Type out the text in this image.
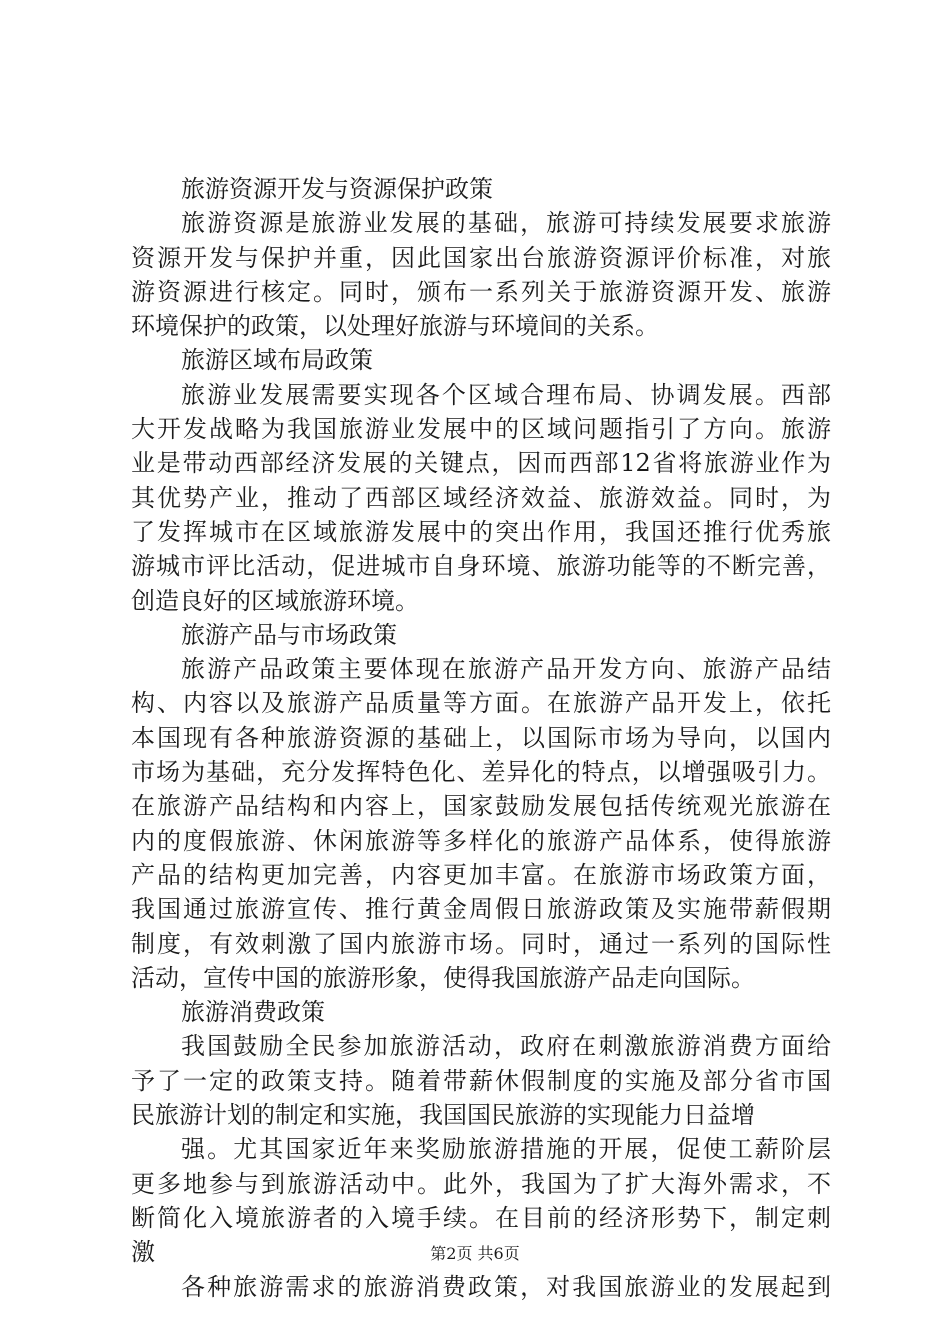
旅游资源开发与资源保护政策
旅游资源是旅游业发展的基础，旅游可持续发展要求旅游
资源开发与保护并重，因此国家出台旅游资源评价标准，对旅
游资源进行核定。同时，颁布一系列关于旅游资源开发、旅游
环境保护的政策，以处理好旅游与环境间的关系。
旅游区域布局政策
旅游业发展需要实现各个区域合理布局、协调发展。西部
大开发战略为我国旅游业发展中的区域问题指引了方向。旅游
业是带动西部经济发展的关键点，因而西部12省将旅游业作为
其优势产业，推动了西部区域经济效益、旅游效益。同时，为
了发挥城市在区域旅游发展中的突出作用，我国还推行优秀旅
游城市评比活动，促进城市自身环境、旅游功能等的不断完善，
创造良好的区域旅游环境。
旅游产品与市场政策
旅游产品政策主要体现在旅游产品开发方向、旅游产品结
构、内容以及旅游产品质量等方面。在旅游产品开发上，依托
本国现有各种旅游资源的基础上，以国际市场为导向，以国内
市场为基础，充分发挥特色化、差异化的特点，以增强吸引力。
在旅游产品结构和内容上，国家鼓励发展包括传统观光旅游在
内的度假旅游、休闲旅游等多样化的旅游产品体系，使得旅游
产品的结构更加完善，内容更加丰富。在旅游市场政策方面，
我国通过旅游宣传、推行黄金周假日旅游政策及实施带薪假期
制度，有效刺激了国内旅游市场。同时，通过一系列的国际性
活动，宣传中国的旅游形象，使得我国旅游产品走向国际。
旅游消费政策
我国鼓励全民参加旅游活动，政府在刺激旅游消费方面给
予了一定的政策支持。随着带薪休假制度的实施及部分省市国
民旅游计划的制定和实施，我国国民旅游的实现能力日益增
强。尤其国家近年来奖励旅游措施的开展，促使工薪阶层
更多地参与到旅游活动中。此外，我国为了扩大海外需求，不
断简化入境旅游者的入境手续。在目前的经济形势下，制定刺
激
各种旅游需求的旅游消费政策，对我国旅游业的发展起到
第2页 共6页
